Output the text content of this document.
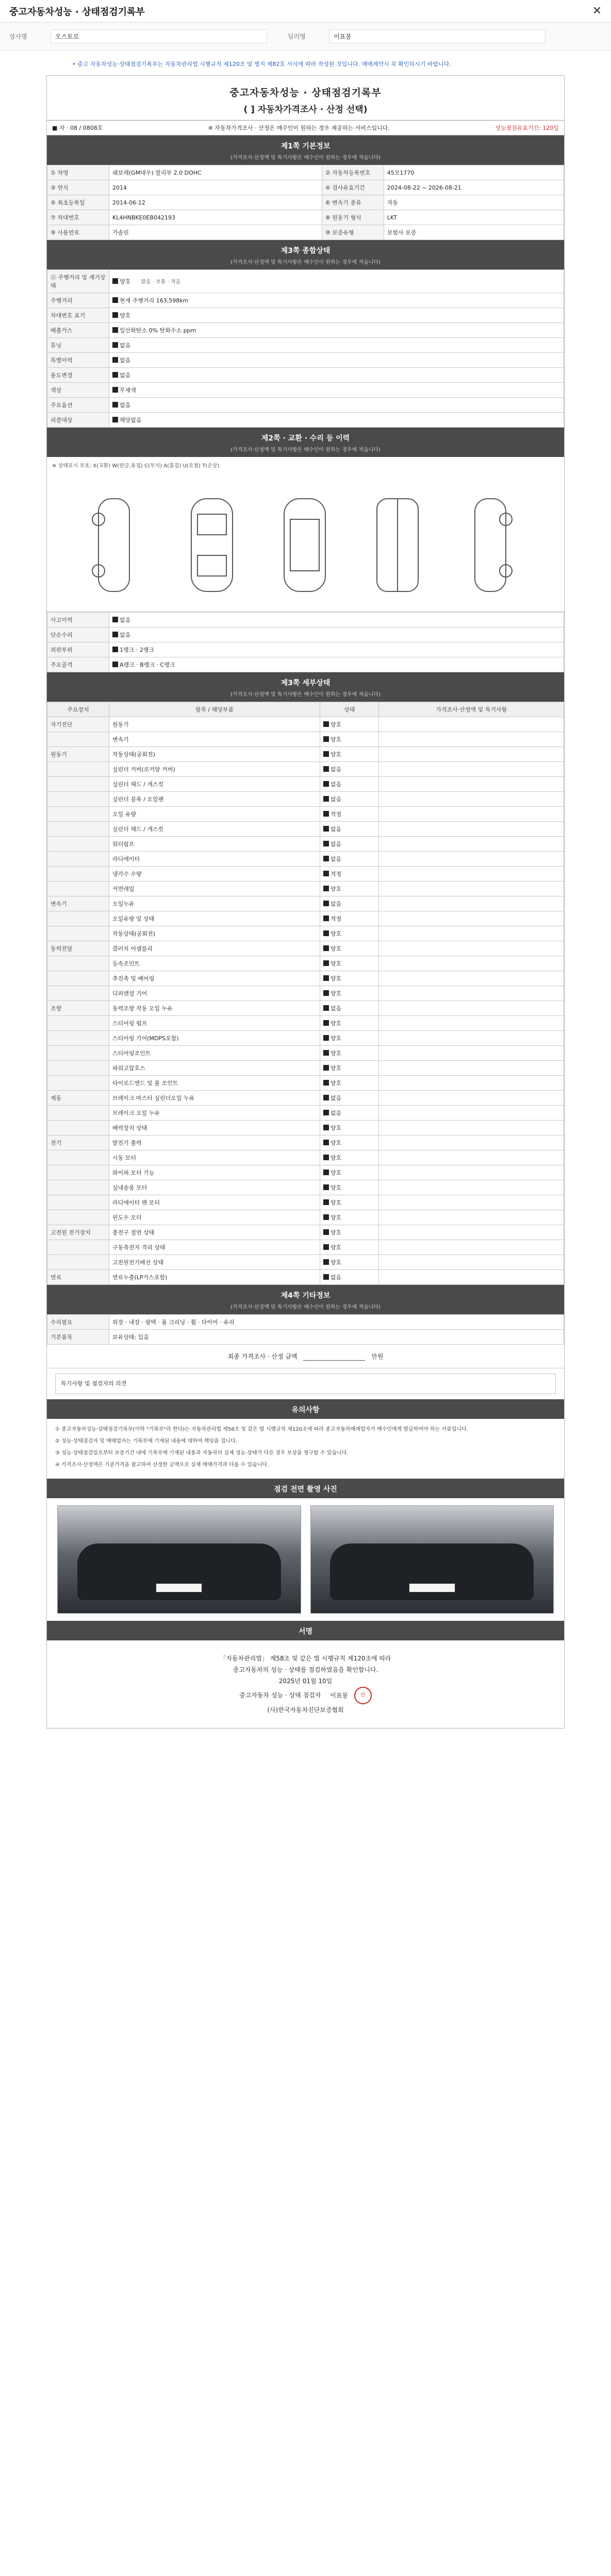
중고자동차성능 · 상태점검기록부	✕
상사명	오스토로	딜러명	이표봉
• 중고 자동차성능·상태점검기록부는 자동차관리법 시행규칙 제120조 및 별지 제82호 서식에 따라 작성된 것입니다. 매매계약시 꼭 확인하시기 바랍니다.
중고자동차성능 · 상태점검기록부
( ] 자동차가격조사 · 산정 선택)
■ 자 · 08 / 0808호	※ 자동차가격조사 · 산정은 매수인이 원하는 경우 제공하는 서비스입니다.	성능점검유효기간: 120일
제1쪽 기본정보
(가격조사·산정액 및 특기사항은 매수인이 원하는 경우에 적습니다)
① 차명	쉐보레(GM대우) 말리부 2.0 DOHC	② 자동차등록번호	45모1770
③ 연식	2014	④ 검사유효기간	2024-08-22 ~ 2026-08-21
⑤ 최초등록일	2014-06-12	⑥ 변속기 종류	자동
⑦ 차대번호	KL4HNBKE0EB042193	⑧ 원동기 형식	LKT
⑨ 사용연료	가솔린	⑩ 보증유형	보험사 보증
제3쪽 종합상태
(가격조사·산정액 및 특기사항은 매수인이 원하는 경우에 적습니다)
⑪ 주행거리 및 계기상태	양호 많음 · 보통 · 적음
주행거리	현재 주행거리 163,598km
차대번호 표기	양호
배출가스	일산화탄소 0% 탄화수소 ppm
튜닝	없음
특별이력	없음
용도변경	없음
색상	무채색
주요옵션	없음
리콜대상	해당없음
제2쪽 · 교환 · 수리 등 이력
(가격조사·산정액 및 특기사항은 매수인이 원하는 경우에 적습니다)
※ 상태표시 부호: X(교환) W(판금,용접) C(부식) A(흠집) U(요철) T(손상)
사고이력	없음
단순수리	없음
외판부위	1랭크 · 2랭크
주요골격	A랭크 · B랭크 · C랭크
제3쪽 세부상태
(가격조사·산정액 및 특기사항은 매수인이 원하는 경우에 적습니다)
주요장치	항목 / 해당부품	상태	가격조사·산정액 및 특기사항
자기진단	원동기	양호	
	변속기	양호	
원동기	작동상태(공회전)	양호	
	실린더 커버(로커암 커버)	없음	
	실린더 헤드 / 개스킷	없음	
	실린더 블록 / 오일팬	없음	
	오일 유량	적정	
	실린더 헤드 / 개스킷	없음	
	워터펌프	없음	
	라디에이터	없음	
	냉각수 수량	적정	
	커먼레일	양호	
변속기	오일누유	없음	
	오일유량 및 상태	적정	
	작동상태(공회전)	양호	
동력전달	클러치 어셈블리	양호	
	등속조인트	양호	
	추진축 및 베어링	양호	
	디퍼렌셜 기어	양호	
조향	동력조향 작동 오일 누유	없음	
	스티어링 펌프	양호	
	스티어링 기어(MDPS포함)	양호	
	스티어링조인트	양호	
	파워고압호스	양호	
	타이로드엔드 및 볼 조인트	양호	
제동	브레이크 마스터 실린더오일 누유	없음	
	브레이크 오일 누유	없음	
	배력장치 상태	양호	
전기	발전기 출력	양호	
	시동 모터	양호	
	와이퍼 모터 기능	양호	
	실내송풍 모터	양호	
	라디에이터 팬 모터	양호	
	윈도우 모터	양호	
고전원 전기장치	충전구 절연 상태	양호	
	구동축전지 격리 상태	양호	
	고전원전기배선 상태	양호	
연료	연료누출(LP가스포함)	없음	
제4쪽 기타정보
(가격조사·산정액 및 특기사항은 매수인이 원하는 경우에 적습니다)
수리필요	외장 · 내장 · 광택 · 룸 크리닝 · 휠 · 타이어 · 유리
기본품목	보유상태: 있음
최종 가격조사 · 산정 금액	만원
특기사항 및 점검자의 의견
유의사항
① 중고자동차성능·상태점검기록부(이하 "기록부"라 한다)는 자동차관리법 제58조 및 같은 법 시행규칙 제120조에 따라 중고자동차매매업자가 매수인에게 발급하여야 하는 서류입니다.
② 성능·상태점검자 및 매매업자는 기록부에 기재된 내용에 대하여 책임을 집니다.
③ 성능·상태점검일로부터 보증기간 내에 기록부에 기재된 내용과 자동차의 실제 성능·상태가 다른 경우 보상을 청구할 수 있습니다.
④ 가격조사·산정액은 기준가격을 참고하여 산정한 금액으로 실제 매매가격과 다를 수 있습니다.
점검 전면 촬영 사진
서명
「자동차관리법」 제58조 및 같은 법 시행규칙 제120조에 따라
중고자동차의 성능 · 상태를 점검하였음을 확인합니다.
2025년 01월 10일
중고자동차 성능 · 상태 점검자 이표봉 인
(사)한국자동차진단보증협회
